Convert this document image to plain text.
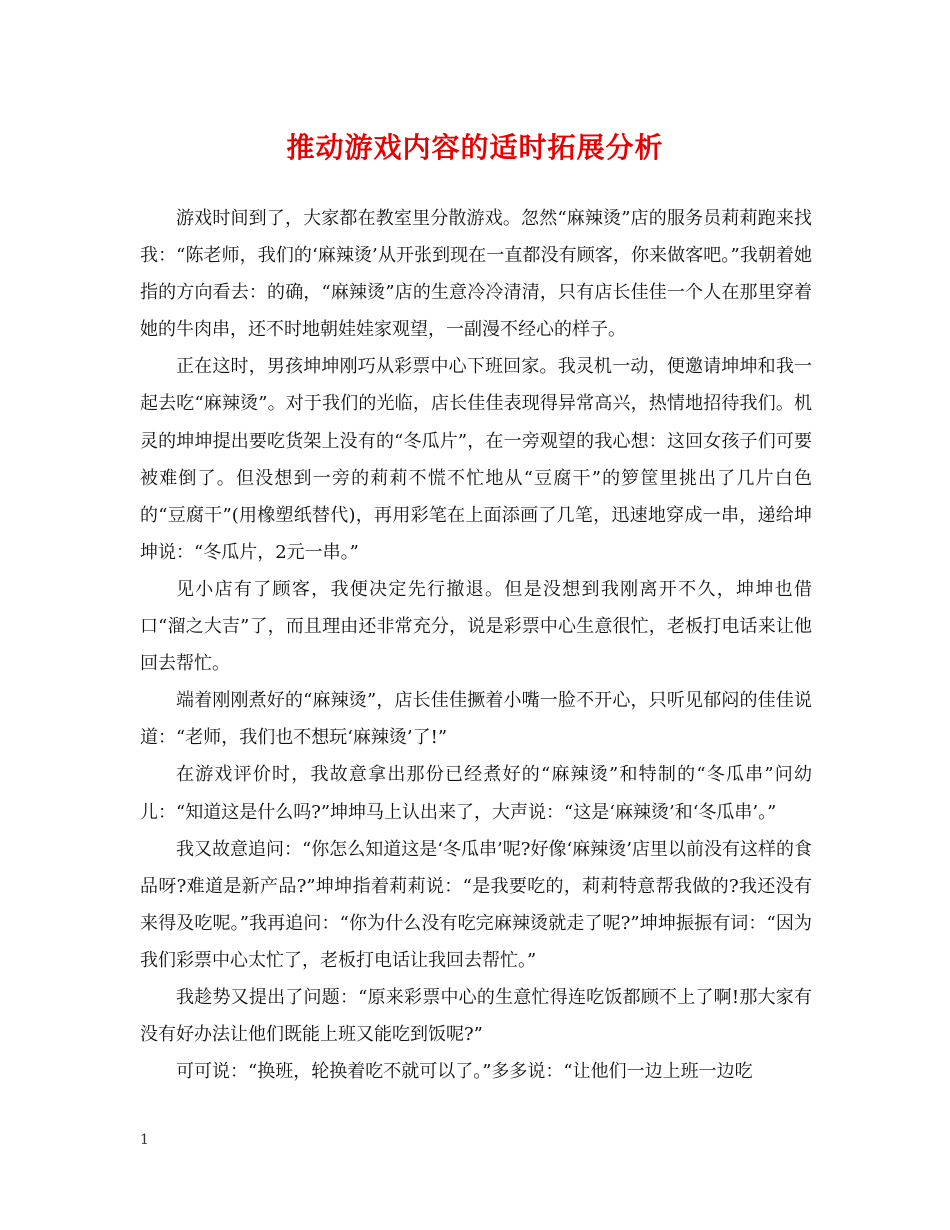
推动游戏内容的适时拓展分析

游戏时间到了，大家都在教室里分散游戏。忽然“麻辣烫”店的服务员莉莉跑来找我：“陈老师，我们的‘麻辣烫’从开张到现在一直都没有顾客，你来做客吧。”我朝着她指的方向看去：的确，“麻辣烫”店的生意冷冷清清，只有店长佳佳一个人在那里穿着她的牛肉串，还不时地朝娃娃家观望，一副漫不经心的样子。

正在这时，男孩坤坤刚巧从彩票中心下班回家。我灵机一动，便邀请坤坤和我一起去吃“麻辣烫”。对于我们的光临，店长佳佳表现得异常高兴，热情地招待我们。机灵的坤坤提出要吃货架上没有的“冬瓜片”，在一旁观望的我心想：这回女孩子们可要被难倒了。但没想到一旁的莉莉不慌不忙地从“豆腐干”的箩筐里挑出了几片白色的“豆腐干”(用橡塑纸替代)，再用彩笔在上面添画了几笔，迅速地穿成一串，递给坤坤说：“冬瓜片，2元一串。”

见小店有了顾客，我便决定先行撤退。但是没想到我刚离开不久，坤坤也借口“溜之大吉”了，而且理由还非常充分，说是彩票中心生意很忙，老板打电话来让他回去帮忙。

端着刚刚煮好的“麻辣烫”，店长佳佳撅着小嘴一脸不开心，只听见郁闷的佳佳说道：“老师，我们也不想玩‘麻辣烫’了!”

在游戏评价时，我故意拿出那份已经煮好的“麻辣烫”和特制的“冬瓜串”问幼儿：“知道这是什么吗?”坤坤马上认出来了，大声说：“这是‘麻辣烫’和‘冬瓜串’。”

我又故意追问：“你怎么知道这是‘冬瓜串’呢?好像‘麻辣烫’店里以前没有这样的食品呀?难道是新产品?”坤坤指着莉莉说：“是我要吃的，莉莉特意帮我做的?我还没有来得及吃呢。”我再追问：“你为什么没有吃完麻辣烫就走了呢?”坤坤振振有词：“因为我们彩票中心太忙了，老板打电话让我回去帮忙。”

我趁势又提出了问题：“原来彩票中心的生意忙得连吃饭都顾不上了啊!那大家有没有好办法让他们既能上班又能吃到饭呢?”

可可说：“换班，轮换着吃不就可以了。”多多说：“让他们一边上班一边吃

1
